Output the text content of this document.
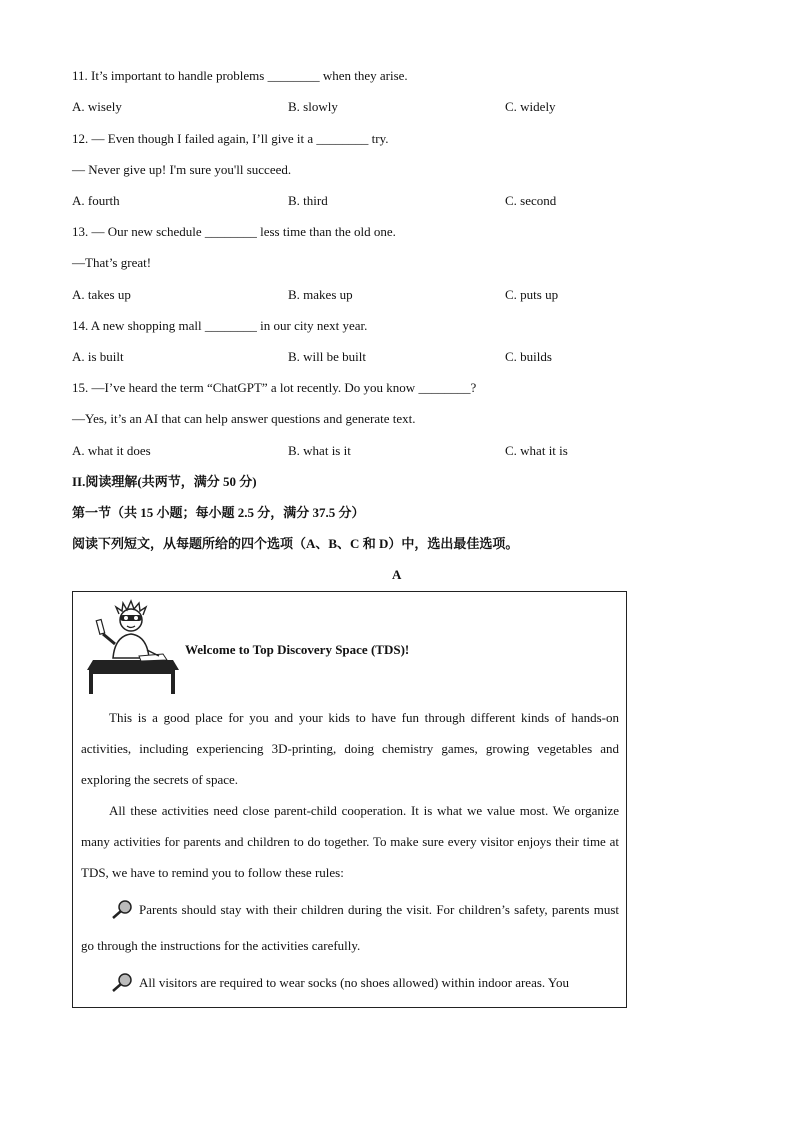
11. It’s important to handle problems ________ when they arise.
A. wisely	B. slowly	C. widely
12. — Even though I failed again, I’ll give it a ________ try.
— Never give up! I'm sure you'll succeed.
A. fourth	B. third	C. second
13. — Our new schedule ________ less time than the old one.
—That’s great!
A. takes up	B. makes up	C. puts up
14. A new shopping mall ________ in our city next year.
A. is built	B. will be built	C. builds
15. —I’ve heard the term “ChatGPT” a lot recently. Do you know ________?
—Yes, it’s an AI that can help answer questions and generate text.
A. what it does	B. what is it	C. what it is
II.阅读理解(共两节，满分 50 分)
第一节（共 15 小题；每小题 2.5 分，满分 37.5 分）
阅读下列短文，从每题所给的四个选项（A、B、C 和 D）中，选出最佳选项。
A
Welcome to Top Discovery Space (TDS)!
This is a good place for you and your kids to have fun through different kinds of hands-on activities, including experiencing 3D-printing, doing chemistry games, growing vegetables and exploring the secrets of space.
All these activities need close parent-child cooperation. It is what we value most. We organize many activities for parents and children to do together. To make sure every visitor enjoys their time at TDS, we have to remind you to follow these rules:
Parents should stay with their children during the visit. For children’s safety, parents must go through the instructions for the activities carefully.
All visitors are required to wear socks (no shoes allowed) within indoor areas. You
